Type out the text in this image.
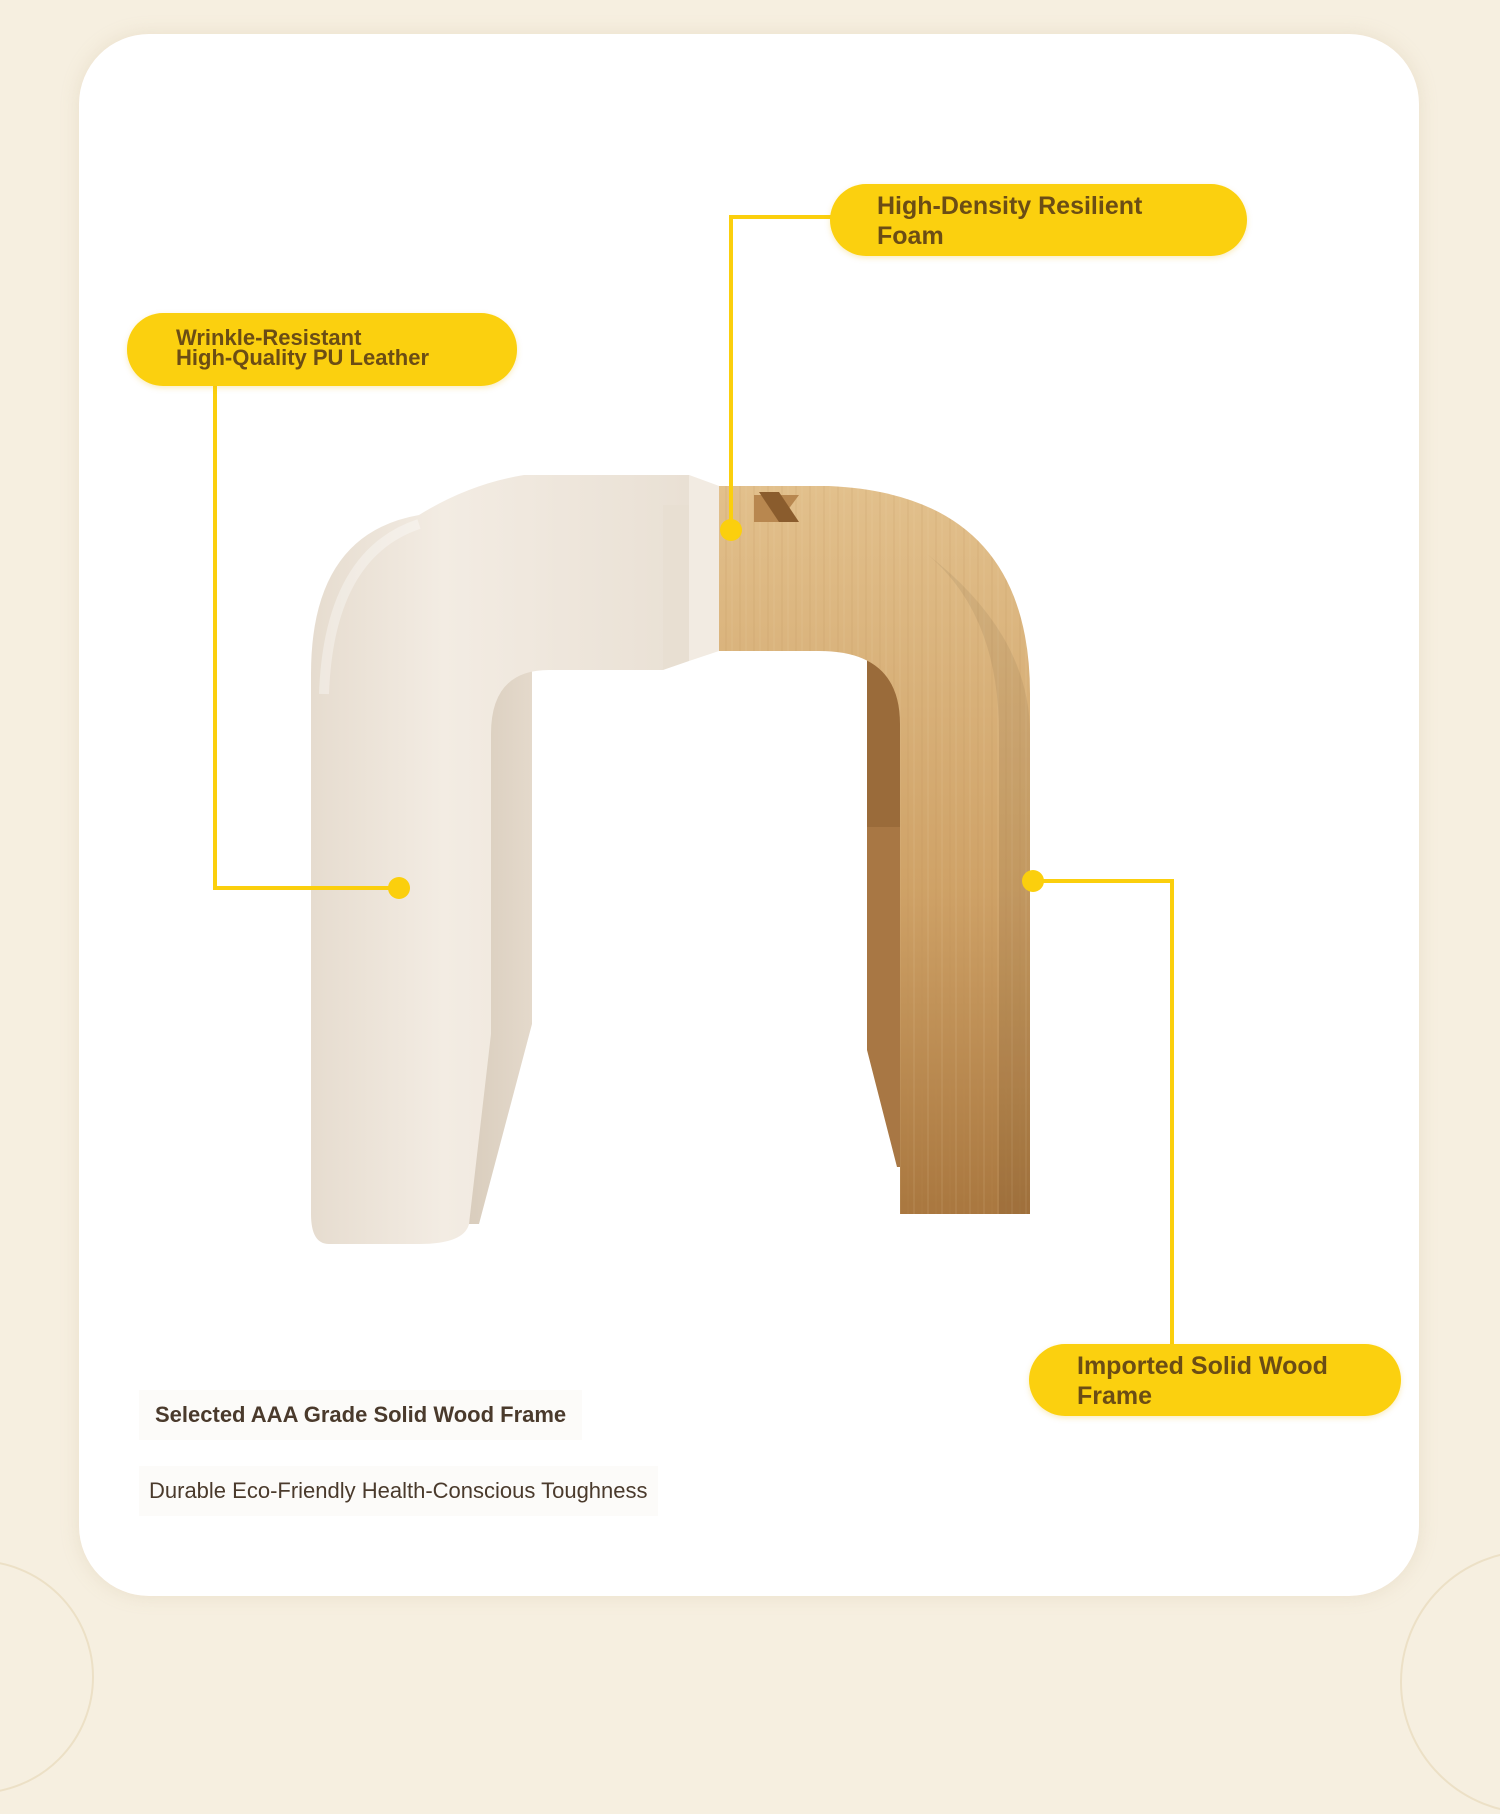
High-Density Resilient
Foam
Wrinkle-Resistant
High-Quality PU Leather
Imported Solid Wood
Frame
Selected AAA Grade Solid Wood Frame
Durable Eco-Friendly Health-Conscious Toughness
